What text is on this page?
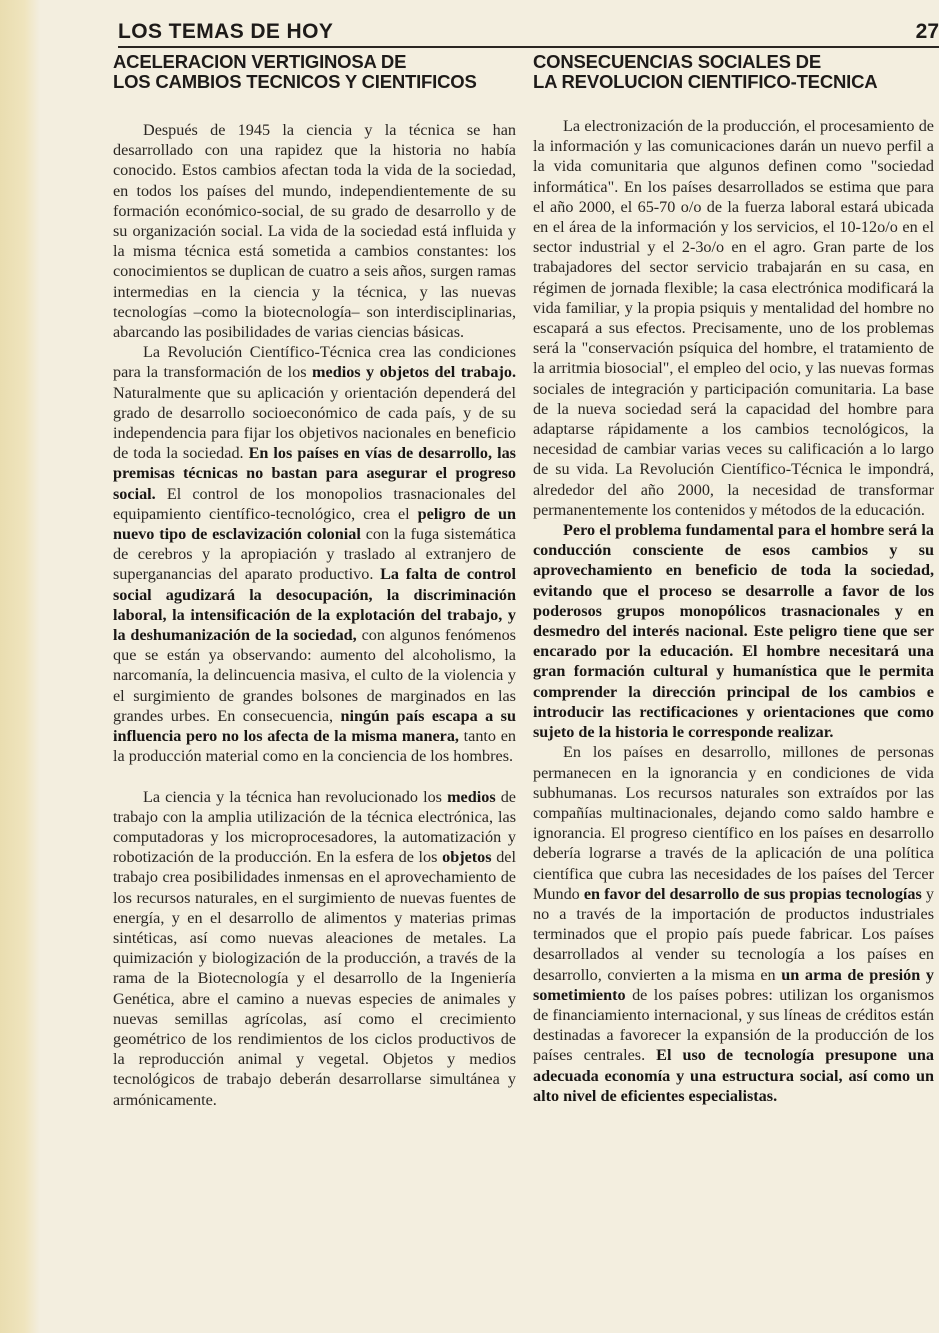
LOS TEMAS DE HOY	27
ACELERACION VERTIGINOSA DE
LOS CAMBIOS TECNICOS Y CIENTIFICOS

Después de 1945 la ciencia y la técnica se han desarrollado con una rapidez que la historia no había conocido. Estos cambios afectan toda la vida de la sociedad, en todos los países del mundo, independientemente de su formación económico-social, de su grado de desarrollo y de su organización social. La vida de la sociedad está influida y la misma técnica está sometida a cambios constantes: los conocimientos se duplican de cuatro a seis años, surgen ramas intermedias en la ciencia y la técnica, y las nuevas tecnologías –como la biotecnología– son interdisciplinarias, abarcando las posibilidades de varias ciencias básicas.

La Revolución Científico-Técnica crea las condiciones para la transformación de los medios y objetos del trabajo. Naturalmente que su aplicación y orientación dependerá del grado de desarrollo socioeconómico de cada país, y de su independencia para fijar los objetivos nacionales en beneficio de toda la sociedad. En los países en vías de desarrollo, las premisas técnicas no bastan para asegurar el progreso social. El control de los monopolios trasnacionales del equipamiento científico-tecnológico, crea el peligro de un nuevo tipo de esclavización colonial con la fuga sistemática de cerebros y la apropiación y traslado al extranjero de superganancias del aparato productivo. La falta de control social agudizará la desocupación, la discriminación laboral, la intensificación de la explotación del trabajo, y la deshumanización de la sociedad, con algunos fenómenos que se están ya observando: aumento del alcoholismo, la narcomanía, la delincuencia masiva, el culto de la violencia y el surgimiento de grandes bolsones de marginados en las grandes urbes. En consecuencia, ningún país escapa a su influencia pero no los afecta de la misma manera, tanto en la producción material como en la conciencia de los hombres.

La ciencia y la técnica han revolucionado los medios de trabajo con la amplia utilización de la técnica electrónica, las computadoras y los microprocesadores, la automatización y robotización de la producción. En la esfera de los objetos del trabajo crea posibilidades inmensas en el aprovechamiento de los recursos naturales, en el surgimiento de nuevas fuentes de energía, y en el desarrollo de alimentos y materias primas sintéticas, así como nuevas aleaciones de metales. La quimización y biologización de la producción, a través de la rama de la Biotecnología y el desarrollo de la Ingeniería Genética, abre el camino a nuevas especies de animales y nuevas semillas agrícolas, así como el crecimiento geométrico de los rendimientos de los ciclos productivos de la reproducción animal y vegetal. Objetos y medios tecnológicos de trabajo deberán desarrollarse simultánea y armónicamente.

CONSECUENCIAS SOCIALES DE
LA REVOLUCION CIENTIFICO-TECNICA

La electronización de la producción, el procesamiento de la información y las comunicaciones darán un nuevo perfil a la vida comunitaria que algunos definen como "sociedad informática". En los países desarrollados se estima que para el año 2000, el 65-70 o/o de la fuerza laboral estará ubicada en el área de la información y los servicios, el 10-12o/o en el sector industrial y el 2-3o/o en el agro. Gran parte de los trabajadores del sector servicio trabajarán en su casa, en régimen de jornada flexible; la casa electrónica modificará la vida familiar, y la propia psiquis y mentalidad del hombre no escapará a sus efectos. Precisamente, uno de los problemas será la "conservación psíquica del hombre, el tratamiento de la arritmia biosocial", el empleo del ocio, y las nuevas formas sociales de integración y participación comunitaria. La base de la nueva sociedad será la capacidad del hombre para adaptarse rápidamente a los cambios tecnológicos, la necesidad de cambiar varias veces su calificación a lo largo de su vida. La Revolución Científico-Técnica le impondrá, alrededor del año 2000, la necesidad de transformar permanentemente los contenidos y métodos de la educación.

Pero el problema fundamental para el hombre será la conducción consciente de esos cambios y su aprovechamiento en beneficio de toda la sociedad, evitando que el proceso se desarrolle a favor de los poderosos grupos monopólicos trasnacionales y en desmedro del interés nacional. Este peligro tiene que ser encarado por la educación. El hombre necesitará una gran formación cultural y humanística que le permita comprender la dirección principal de los cambios e introducir las rectificaciones y orientaciones que como sujeto de la historia le corresponde realizar.

En los países en desarrollo, millones de personas permanecen en la ignorancia y en condiciones de vida subhumanas. Los recursos naturales son extraídos por las compañías multinacionales, dejando como saldo hambre e ignorancia. El progreso científico en los países en desarrollo debería lograrse a través de la aplicación de una política científica que cubra las necesidades de los países del Tercer Mundo en favor del desarrollo de sus propias tecnologías y no a través de la importación de productos industriales terminados que el propio país puede fabricar. Los países desarrollados al vender su tecnología a los países en desarrollo, convierten a la misma en un arma de presión y sometimiento de los países pobres: utilizan los organismos de financiamiento internacional, y sus líneas de créditos están destinadas a favorecer la expansión de la producción de los países centrales. El uso de tecnología presupone una adecuada economía y una estructura social, así como un alto nivel de eficientes especialistas.
